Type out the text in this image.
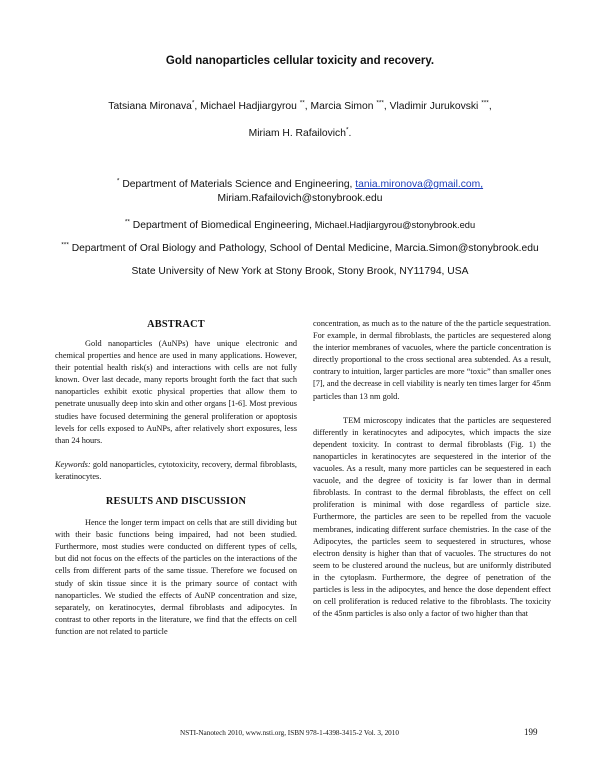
Gold nanoparticles cellular toxicity and recovery.
Tatsiana Mironava*, Michael Hadjiargyrou **, Marcia Simon ***, Vladimir Jurukovski ***,
Miriam H. Rafailovich*.
* Department of Materials Science and Engineering, tania.mironova@gmail.com,
Miriam.Rafailovich@stonybrook.edu
** Department of Biomedical Engineering, Michael.Hadjiargyrou@stonybrook.edu
*** Department of Oral Biology and Pathology, School of Dental Medicine, Marcia.Simon@stonybrook.edu
State University of New York at Stony Brook, Stony Brook, NY11794, USA

ABSTRACT

Gold nanoparticles (AuNPs) have unique electronic and chemical properties and hence are used in many applications. However, their potential health risk(s) and interactions with cells are not fully known. Over last decade, many reports brought forth the fact that such nanoparticles exhibit exotic physical properties that allow them to penetrate unusually deep into skin and other organs [1-6]. Most previous studies have focused determining the general proliferation or apoptosis levels for cells exposed to AuNPs, after relatively short exposures, less than 24 hours.

Keywords: gold nanoparticles, cytotoxicity, recovery, dermal fibroblasts, keratinocytes.

RESULTS AND DISCUSSION

Hence the longer term impact on cells that are still dividing but with their basic functions being impaired, had not been studied. Furthermore, most studies were conducted on different types of cells, but did not focus on the effects of the particles on the interactions of the cells from different parts of the same tissue. Therefore we focused on study of skin tissue since it is the primary source of contact with nanoparticles. We studied the effects of AuNP concentration and size, separately, on keratinocytes, dermal fibroblasts and adipocytes. In contrast to other reports in the literature, we find that the effects on cell function are not related to particle

concentration, as much as to the nature of the the particle sequestration. For example, in dermal fibroblasts, the particles are sequestered along the interior membranes of vacuoles, where the particle concentration is directly proportional to the cross sectional area subtended. As a result, contrary to intuition, larger particles are more “toxic” than smaller ones [7], and the decrease in cell viability is nearly ten times larger for 45nm particles than 13 nm gold.

TEM microscopy indicates that the particles are sequestered differently in keratinocytes and adipocytes, which impacts the size dependent toxicity. In contrast to dermal fibroblasts (Fig. 1) the nanoparticles in keratinocytes are sequestered in the interior of the vacuoles. As a result, many more particles can be sequestered in each vacuole, and the degree of toxicity is far lower than in dermal fibroblasts. In contrast to the dermal fibroblasts, the effect on cell proliferation is minimal with dose regardless of particle size. Furthermore, the particles are seen to be repelled from the vacuole membranes, indicating different surface chemistries. In the case of the Adipocytes, the particles seem to sequestered in structures, whose electron density is higher than that of vacuoles. The structures do not seem to be clustered around the nucleus, but are uniformly distributed in the cytoplasm. Furthermore, the degree of penetration of the particles is less in the adipocytes, and hence the dose dependent effect on cell proliferation is reduced relative to the fibroblasts. The toxicity of the 45nm particles is also only a factor of two higher than that

NSTI-Nanotech 2010, www.nsti.org, ISBN 978-1-4398-3415-2 Vol. 3, 2010	199
